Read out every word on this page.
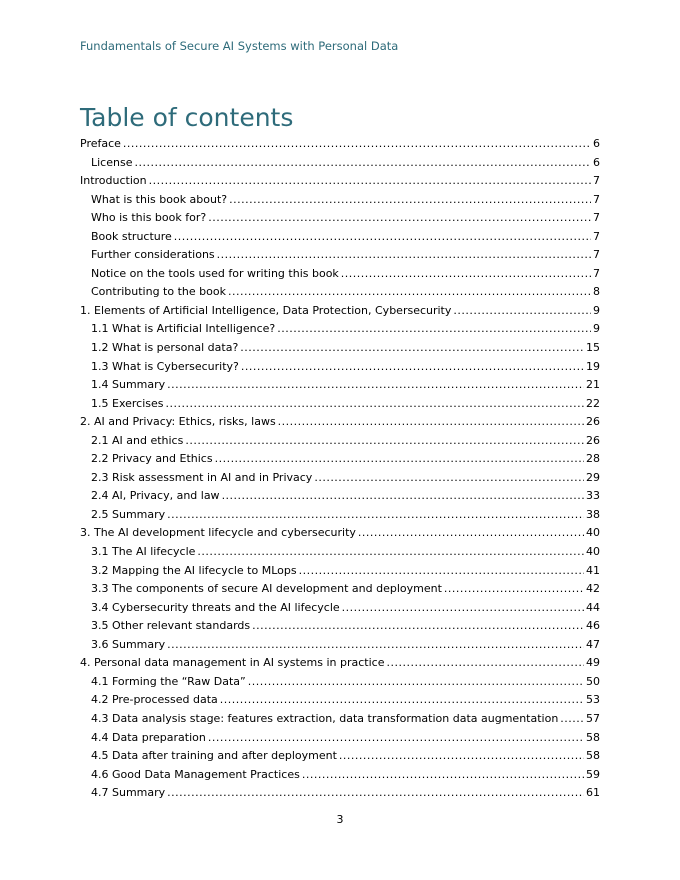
Fundamentals of Secure AI Systems with Personal Data
Table of contents
Preface .....	6
License .....	6
Introduction .....	7
What is this book about? .....	7
Who is this book for? .....	7
Book structure .....	7
Further considerations .....	7
Notice on the tools used for writing this book .....	7
Contributing to the book .....	8
1. Elements of Artificial Intelligence, Data Protection, Cybersecurity .....	9
1.1 What is Artificial Intelligence? .....	9
1.2 What is personal data? .....	15
1.3 What is Cybersecurity? .....	19
1.4 Summary .....	21
1.5 Exercises .....	22
2. AI and Privacy: Ethics, risks, laws .....	26
2.1 AI and ethics .....	26
2.2 Privacy and Ethics .....	28
2.3 Risk assessment in AI and in Privacy .....	29
2.4 AI, Privacy, and law .....	33
2.5 Summary .....	38
3. The AI development lifecycle and cybersecurity .....	40
3.1 The AI lifecycle .....	40
3.2 Mapping the AI lifecycle to MLops .....	41
3.3 The components of secure AI development and deployment .....	42
3.4 Cybersecurity threats and the AI lifecycle .....	44
3.5 Other relevant standards .....	46
3.6 Summary .....	47
4. Personal data management in AI systems in practice .....	49
4.1 Forming the “Raw Data” .....	50
4.2 Pre-processed data .....	53
4.3 Data analysis stage: features extraction, data transformation data augmentation .....	57
4.4 Data preparation .....	58
4.5 Data after training and after deployment .....	58
4.6 Good Data Management Practices .....	59
4.7 Summary .....	61
3
